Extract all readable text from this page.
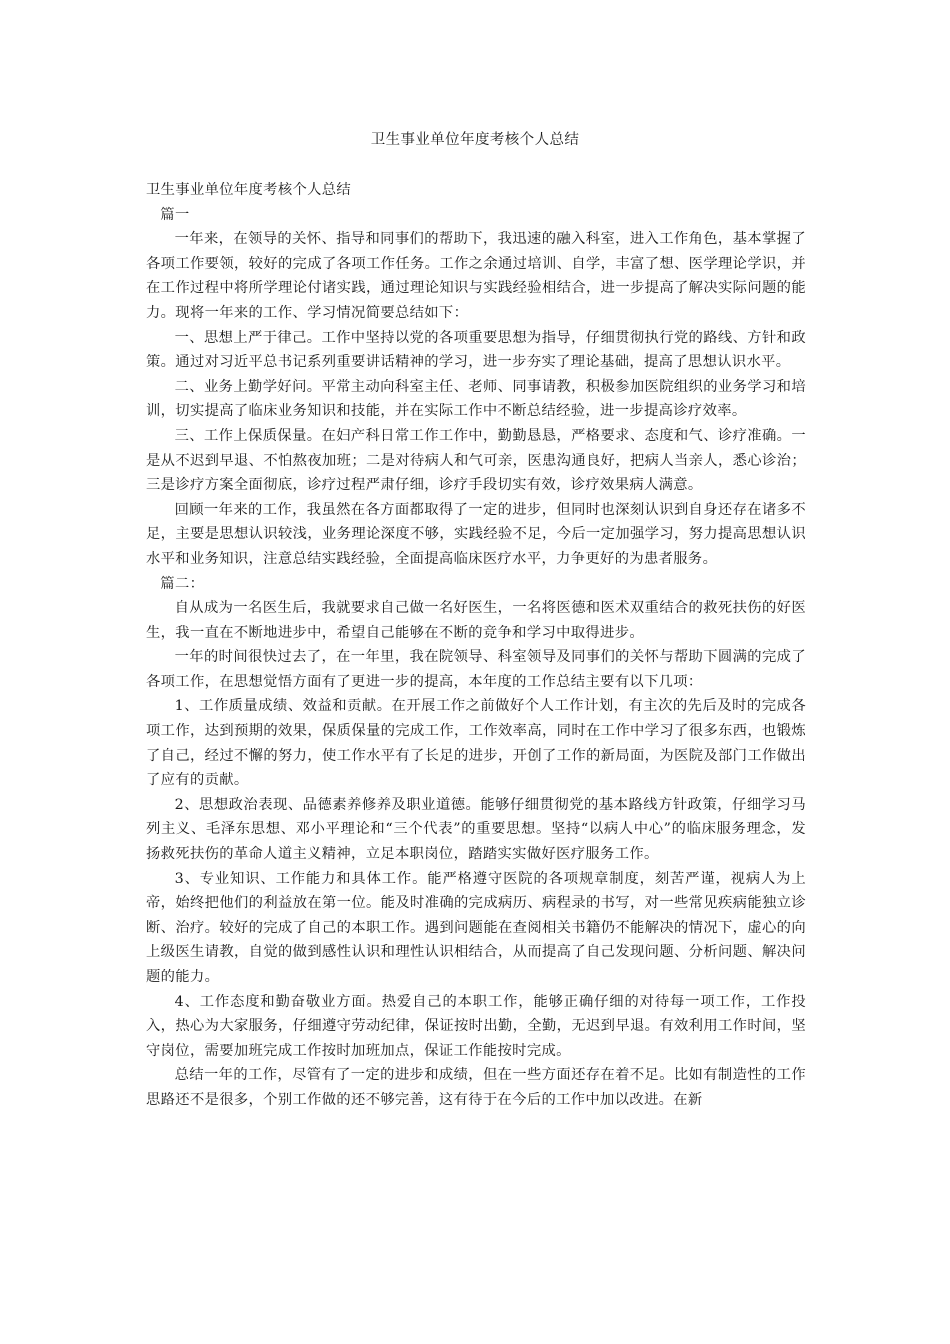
卫生事业单位年度考核个人总结

卫生事业单位年度考核个人总结

篇一

一年来，在领导的关怀、指导和同事们的帮助下，我迅速的融入科室，进入工作角色，基本掌握了各项工作要领，较好的完成了各项工作任务。工作之余通过培训、自学，丰富了想、医学理论学识，并在工作过程中将所学理论付诸实践，通过理论知识与实践经验相结合，进一步提高了解决实际问题的能力。现将一年来的工作、学习情况简要总结如下：

一、思想上严于律己。工作中坚持以党的各项重要思想为指导，仔细贯彻执行党的路线、方针和政策。通过对习近平总书记系列重要讲话精神的学习，进一步夯实了理论基础，提高了思想认识水平。

二、业务上勤学好问。平常主动向科室主任、老师、同事请教，积极参加医院组织的业务学习和培训，切实提高了临床业务知识和技能，并在实际工作中不断总结经验，进一步提高诊疗效率。

三、工作上保质保量。在妇产科日常工作工作中，勤勤恳恳，严格要求、态度和气、诊疗准确。一是从不迟到早退、不怕熬夜加班；二是对待病人和气可亲，医患沟通良好，把病人当亲人，悉心诊治；三是诊疗方案全面彻底，诊疗过程严肃仔细，诊疗手段切实有效，诊疗效果病人满意。

回顾一年来的工作，我虽然在各方面都取得了一定的进步，但同时也深刻认识到自身还存在诸多不足，主要是思想认识较浅，业务理论深度不够，实践经验不足，今后一定加强学习，努力提高思想认识水平和业务知识，注意总结实践经验，全面提高临床医疗水平，力争更好的为患者服务。

篇二：

自从成为一名医生后，我就要求自己做一名好医生，一名将医德和医术双重结合的救死扶伤的好医生，我一直在不断地进步中，希望自己能够在不断的竞争和学习中取得进步。

一年的时间很快过去了，在一年里，我在院领导、科室领导及同事们的关怀与帮助下圆满的完成了各项工作，在思想觉悟方面有了更进一步的提高，本年度的工作总结主要有以下几项：

1、工作质量成绩、效益和贡献。在开展工作之前做好个人工作计划，有主次的先后及时的完成各项工作，达到预期的效果，保质保量的完成工作，工作效率高，同时在工作中学习了很多东西，也锻炼了自己，经过不懈的努力，使工作水平有了长足的进步，开创了工作的新局面，为医院及部门工作做出了应有的贡献。

2、思想政治表现、品德素养修养及职业道德。能够仔细贯彻党的基本路线方针政策，仔细学习马列主义、毛泽东思想、邓小平理论和“三个代表”的重要思想。坚持“以病人中心”的临床服务理念，发扬救死扶伤的革命人道主义精神，立足本职岗位，踏踏实实做好医疗服务工作。

3、专业知识、工作能力和具体工作。能严格遵守医院的各项规章制度，刻苦严谨，视病人为上帝，始终把他们的利益放在第一位。能及时准确的完成病历、病程录的书写，对一些常见疾病能独立诊断、治疗。较好的完成了自己的本职工作。遇到问题能在查阅相关书籍仍不能解决的情况下，虚心的向上级医生请教，自觉的做到感性认识和理性认识相结合，从而提高了自己发现问题、分析问题、解决问题的能力。

4、工作态度和勤奋敬业方面。热爱自己的本职工作，能够正确仔细的对待每一项工作，工作投入，热心为大家服务，仔细遵守劳动纪律，保证按时出勤，全勤，无迟到早退。有效利用工作时间，坚守岗位，需要加班完成工作按时加班加点，保证工作能按时完成。

总结一年的工作，尽管有了一定的进步和成绩，但在一些方面还存在着不足。比如有制造性的工作思路还不是很多，个别工作做的还不够完善，这有待于在今后的工作中加以改进。在新
